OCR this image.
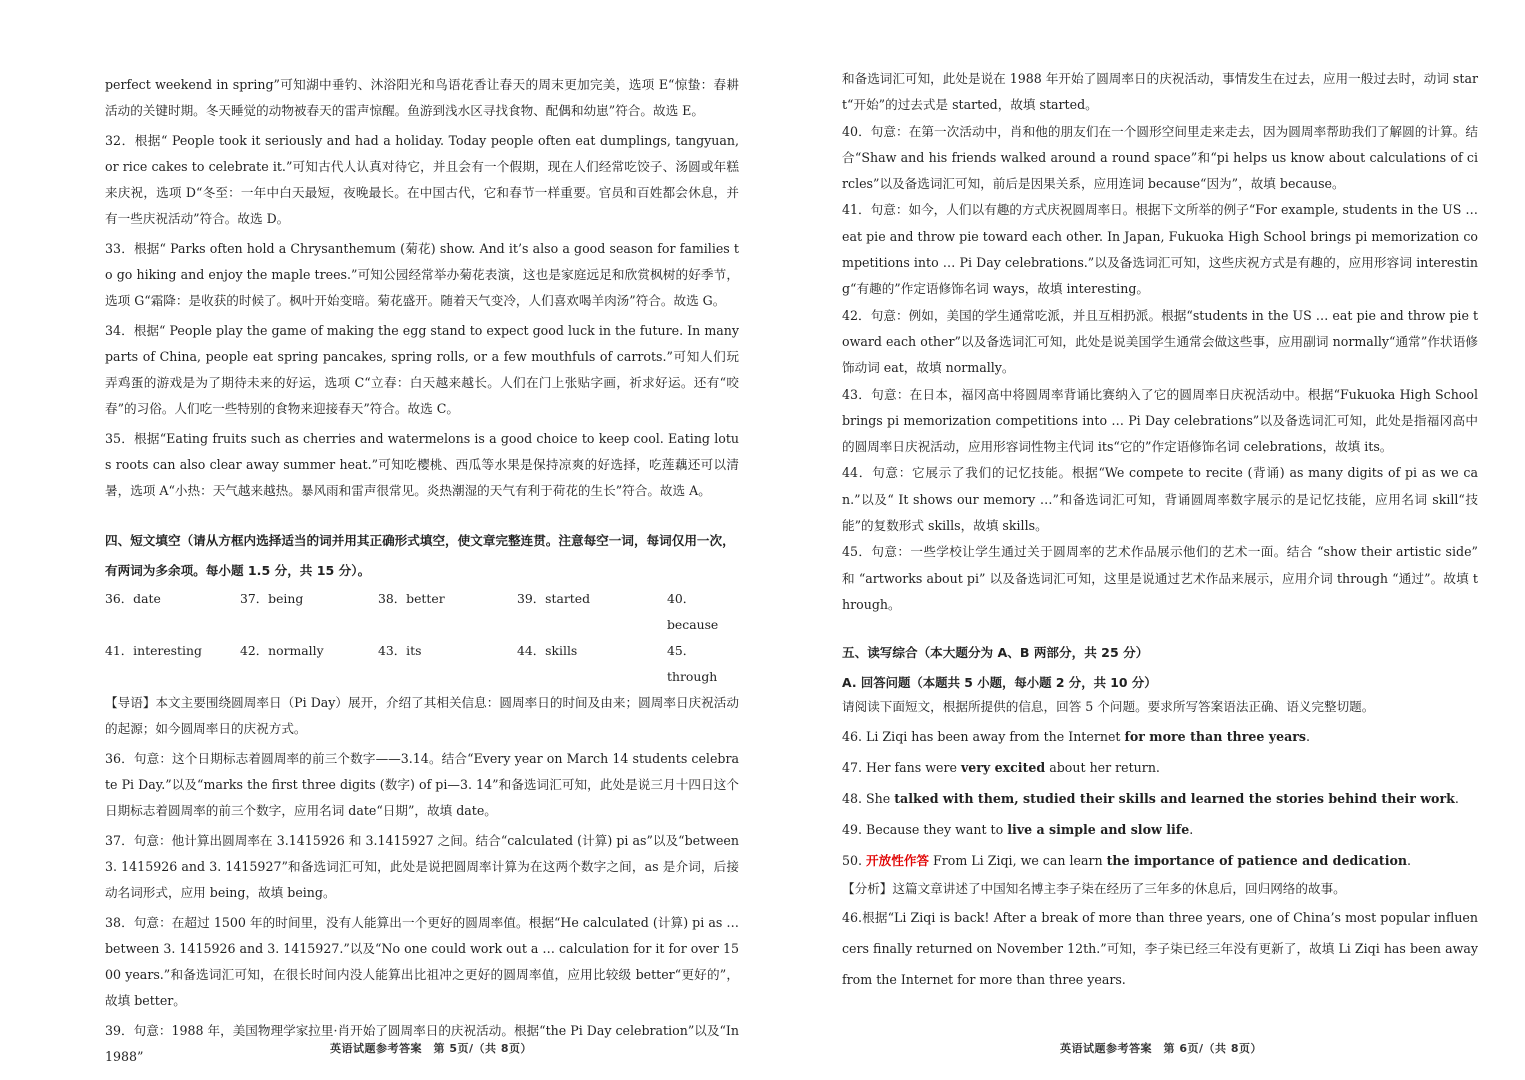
perfect weekend in spring”可知湖中垂钓、沐浴阳光和鸟语花香让春天的周末更加完美，选项 E“惊蛰：春耕活动的关键时期。冬天睡觉的动物被春天的雷声惊醒。鱼游到浅水区寻找食物、配偶和幼崽”符合。故选 E。

32．根据“ People took it seriously and had a holiday. Today people often eat dumplings, tangyuan, or rice cakes to celebrate it.”可知古代人认真对待它，并且会有一个假期，现在人们经常吃饺子、汤圆或年糕来庆祝，选项 D“冬至：一年中白天最短，夜晚最长。在中国古代，它和春节一样重要。官员和百姓都会休息，并有一些庆祝活动”符合。故选 D。

33．根据“ Parks often hold a Chrysanthemum (菊花) show. And it’s also a good season for families to go hiking and enjoy the maple trees.”可知公园经常举办菊花表演，这也是家庭远足和欣赏枫树的好季节，选项 G“霜降：是收获的时候了。枫叶开始变暗。菊花盛开。随着天气变冷，人们喜欢喝羊肉汤”符合。故选 G。

34．根据“ People play the game of making the egg stand to expect good luck in the future. In many parts of China, people eat spring pancakes, spring rolls, or a few mouthfuls of carrots.”可知人们玩弄鸡蛋的游戏是为了期待未来的好运，选项 C“立春：白天越来越长。人们在门上张贴字画，祈求好运。还有“咬春”的习俗。人们吃一些特别的食物来迎接春天”符合。故选 C。

35．根据“Eating fruits such as cherries and watermelons is a good choice to keep cool. Eating lotus roots can also clear away summer heat.”可知吃樱桃、西瓜等水果是保持凉爽的好选择，吃莲藕还可以清暑，选项 A“小热：天气越来越热。暴风雨和雷声很常见。炎热潮湿的天气有利于荷花的生长”符合。故选 A。

四、短文填空（请从方框内选择适当的词并用其正确形式填空，使文章完整连贯。注意每空一词，每词仅用一次，有两词为多余项。每小题 1.5 分，共 15 分）。

36．date	37．being	38．better	39．started	40．because
41．interesting	42．normally	43．its	44．skills	45．through

【导语】本文主要围绕圆周率日（Pi Day）展开，介绍了其相关信息：圆周率日的时间及由来；圆周率日庆祝活动的起源；如今圆周率日的庆祝方式。

36．句意：这个日期标志着圆周率的前三个数字——3.14。结合“Every year on March 14 students celebrate Pi Day.”以及“marks the first three digits (数字) of pi—3. 14”和备选词汇可知，此处是说三月十四日这个日期标志着圆周率的前三个数字，应用名词 date“日期”，故填 date。

37．句意：他计算出圆周率在 3.1415926 和 3.1415927 之间。结合“calculated (计算) pi as”以及“between 3. 1415926 and 3. 1415927”和备选词汇可知，此处是说把圆周率计算为在这两个数字之间，as 是介词，后接动名词形式，应用 being，故填 being。

38．句意：在超过 1500 年的时间里，没有人能算出一个更好的圆周率值。根据“He calculated (计算) pi as … between 3. 1415926 and 3. 1415927.”以及“No one could work out a … calculation for it for over 1500 years.”和备选词汇可知，在很长时间内没人能算出比祖冲之更好的圆周率值，应用比较级 better“更好的”，故填 better。

39．句意：1988 年，美国物理学家拉里·肖开始了圆周率日的庆祝活动。根据“the Pi Day celebration”以及“In 1988”

英语试题参考答案　第 5页/（共 8页）

和备选词汇可知，此处是说在 1988 年开始了圆周率日的庆祝活动，事情发生在过去，应用一般过去时，动词 start“开始”的过去式是 started，故填 started。

40．句意：在第一次活动中，肖和他的朋友们在一个圆形空间里走来走去，因为圆周率帮助我们了解圆的计算。结合“Shaw and his friends walked around a round space”和“pi helps us know about calculations of circles”以及备选词汇可知，前后是因果关系，应用连词 because“因为”，故填 because。

41．句意：如今，人们以有趣的方式庆祝圆周率日。根据下文所举的例子“For example, students in the US … eat pie and throw pie toward each other. In Japan, Fukuoka High School brings pi memorization competitions into … Pi Day celebrations.”以及备选词汇可知，这些庆祝方式是有趣的，应用形容词 interesting“有趣的”作定语修饰名词 ways，故填 interesting。

42．句意：例如，美国的学生通常吃派，并且互相扔派。根据“students in the US … eat pie and throw pie toward each other”以及备选词汇可知，此处是说美国学生通常会做这些事，应用副词 normally“通常”作状语修饰动词 eat，故填 normally。

43．句意：在日本，福冈高中将圆周率背诵比赛纳入了它的圆周率日庆祝活动中。根据“Fukuoka High School brings pi memorization competitions into … Pi Day celebrations”以及备选词汇可知，此处是指福冈高中的圆周率日庆祝活动，应用形容词性物主代词 its“它的”作定语修饰名词 celebrations，故填 its。

44．句意：它展示了我们的记忆技能。根据“We compete to recite (背诵) as many digits of pi as we can.”以及“ It shows our memory …”和备选词汇可知，背诵圆周率数字展示的是记忆技能，应用名词 skill“技能”的复数形式 skills，故填 skills。

45．句意：一些学校让学生通过关于圆周率的艺术作品展示他们的艺术一面。结合 “show their artistic side” 和 “artworks about pi” 以及备选词汇可知，这里是说通过艺术作品来展示，应用介词 through “通过”。故填 through。

五、读写综合（本大题分为 A、B 两部分，共 25 分）

A. 回答问题（本题共 5 小题，每小题 2 分，共 10 分）

请阅读下面短文，根据所提供的信息，回答 5 个问题。要求所写答案语法正确、语义完整切题。

46. Li Ziqi has been away from the Internet for more than three years.

47. Her fans were very excited about her return.

48. She talked with them, studied their skills and learned the stories behind their work.

49. Because they want to live a simple and slow life.

50. 开放性作答 From Li Ziqi, we can learn the importance of patience and dedication.

【分析】这篇文章讲述了中国知名博主李子柒在经历了三年多的休息后，回归网络的故事。

46.根据“Li Ziqi is back! After a break of more than three years, one of China’s most popular influencers finally returned on November 12th.”可知，李子柒已经三年没有更新了，故填 Li Ziqi has been away from the Internet for more than three years.

英语试题参考答案　第 6页/（共 8页）
